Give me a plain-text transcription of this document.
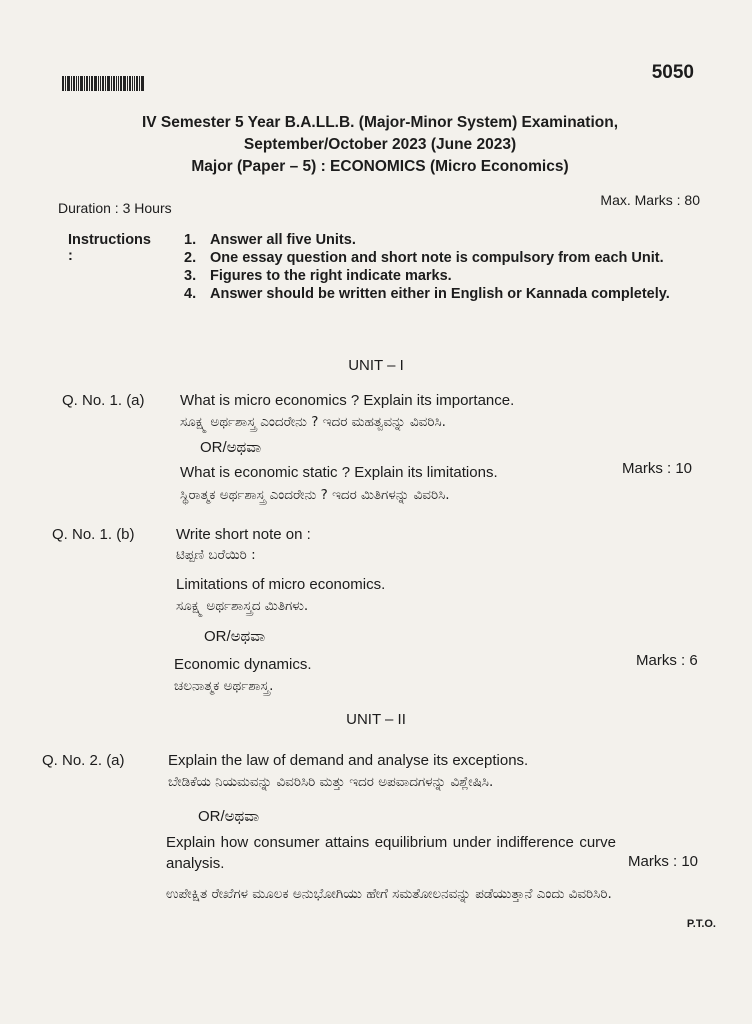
5050
IV Semester 5 Year B.A.LL.B. (Major-Minor System) Examination,
September/October 2023 (June 2023)
Major (Paper – 5) : ECONOMICS (Micro Economics)
Duration : 3 Hours	Max. Marks : 80
Instructions :
1. Answer all five Units.
2. One essay question and short note is compulsory from each Unit.
3. Figures to the right indicate marks.
4. Answer should be written either in English or Kannada completely.
UNIT – I
Q. No. 1. (a) What is micro economics ? Explain its importance.
ಸೂಕ್ಷ್ಮ ಅರ್ಥಶಾಸ್ತ್ರ ಎಂದರೇನು ? ಇದರ ಮಹತ್ವವನ್ನು ವಿವರಿಸಿ.
OR/ಅಥವಾ
What is economic static ? Explain its limitations.
ಸ್ಥಿರಾತ್ಮಕ ಅರ್ಥಶಾಸ್ತ್ರ ಎಂದರೇನು ? ಇದರ ಮಿತಿಗಳನ್ನು ವಿವರಿಸಿ.
Marks : 10
Q. No. 1. (b)	Write short note on :
ಟಿಪ್ಪಣಿ ಬರೆಯಿರಿ :
Limitations of micro economics.
ಸೂಕ್ಷ್ಮ ಅರ್ಥಶಾಸ್ತ್ರದ ಮಿತಿಗಳು.
OR/ಅಥವಾ
Economic dynamics.
ಚಲನಾತ್ಮಕ ಅರ್ಥಶಾಸ್ತ್ರ.
Marks : 6
UNIT – II
Q. No. 2. (a)	Explain the law of demand and analyse its exceptions.
ಬೇಡಿಕೆಯ ನಿಯಮವನ್ನು ವಿವರಿಸಿರಿ ಮತ್ತು ಇದರ ಅಪವಾದಗಳನ್ನು ವಿಶ್ಲೇಷಿಸಿ.
OR/ಅಥವಾ
Explain how consumer attains equilibrium under indifference curve analysis.
ಉಪೇಕ್ಷಿತ ರೇಖೆಗಳ ಮೂಲಕ ಅನುಭೋಗಿಯು ಹೇಗೆ ಸಮತೋಲನವನ್ನು ಪಡೆಯುತ್ತಾನೆ ಎಂದು ವಿವರಿಸಿರಿ.
Marks : 10
P.T.O.
